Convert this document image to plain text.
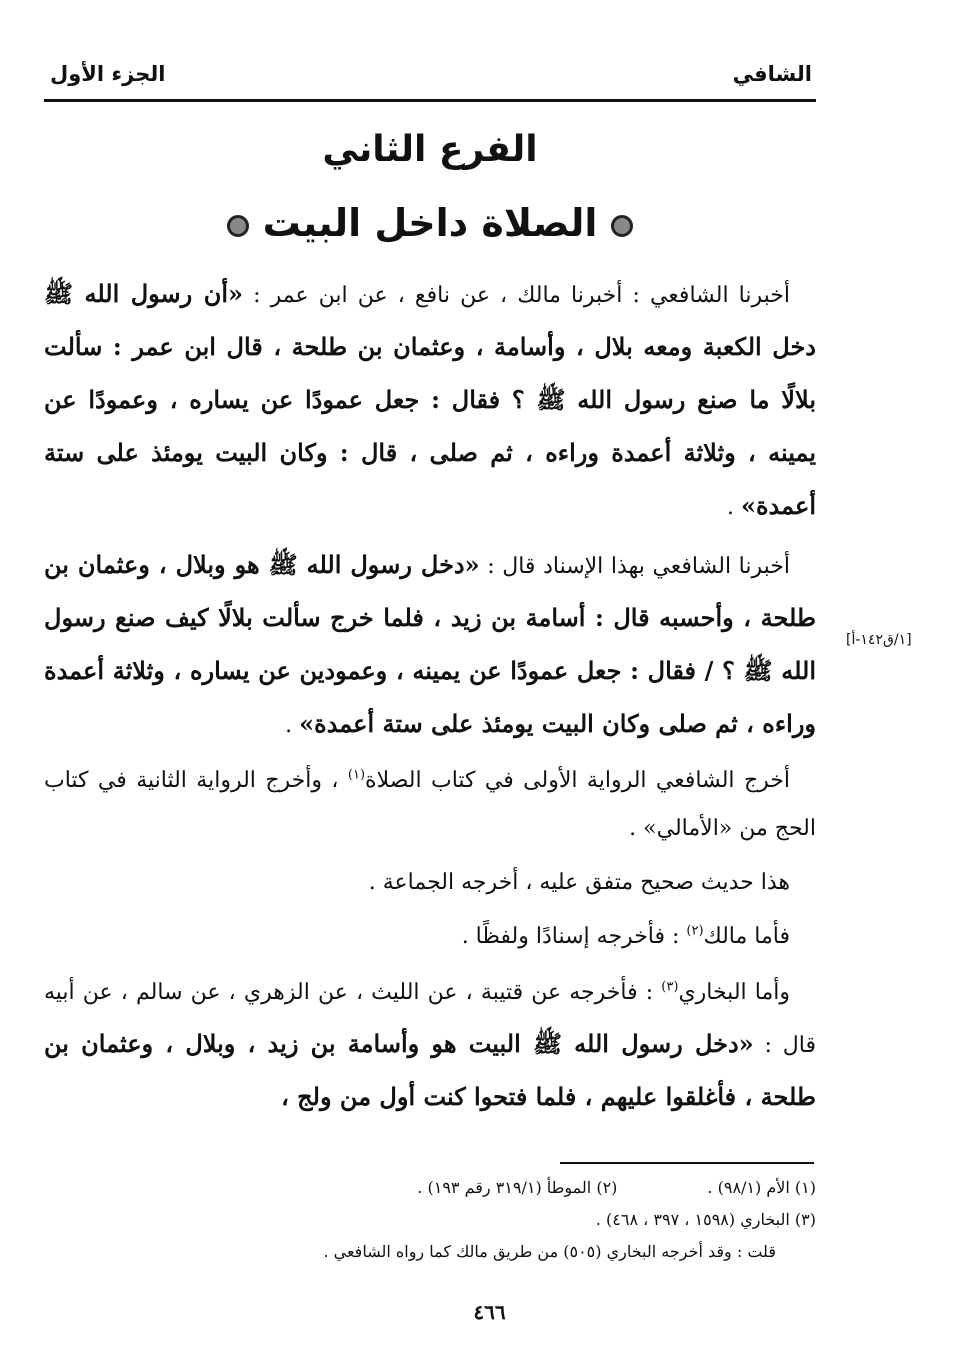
الشافي
الجزء الأول
الفرع الثاني
الصلاة داخل البيت

أخبرنا الشافعي : أخبرنا مالك ، عن نافع ، عن ابن عمر : «أن رسول الله ﷺ دخل الكعبة ومعه بلال ، وأسامة ، وعثمان بن طلحة ، قال ابن عمر : سألت بلالًا ما صنع رسول الله ﷺ ؟ فقال : جعل عمودًا عن يساره ، وعمودًا عن يمينه ، وثلاثة أعمدة وراءه ، ثم صلى ، قال : وكان البيت يومئذ على ستة أعمدة» .

أخبرنا الشافعي بهذا الإسناد قال : «دخل رسول الله ﷺ هو وبلال ، وعثمان بن طلحة ، وأحسبه قال : أسامة بن زيد ، فلما خرج سألت بلالًا كيف صنع رسول الله ﷺ ؟ / فقال : جعل عمودًا عن يمينه ، وعمودين عن يساره ، وثلاثة أعمدة وراءه ، ثم صلى وكان البيت يومئذ على ستة أعمدة» .

أخرج الشافعي الرواية الأولى في كتاب الصلاة$^{(١)}$ ، وأخرج الرواية الثانية في كتاب الحج من «الأمالي» .

هذا حديث صحيح متفق عليه ، أخرجه الجماعة .

فأما مالك$^{(٢)}$ : فأخرجه إسنادًا ولفظًا .

وأما البخاري$^{(٣)}$ : فأخرجه عن قتيبة ، عن الليث ، عن الزهري ، عن سالم ، عن أبيه قال : «دخل رسول الله ﷺ البيت هو وأسامة بن زيد ، وبلال ، وعثمان بن طلحة ، فأغلقوا عليهم ، فلما فتحوا كنت أول من ولج ،

[١/ق١٤٢-أ]
(١) الأم (٩٨/١) .(٢) الموطأ (٣١٩/١ رقم ١٩٣) .
(٣) البخاري (١٥٩٨ ، ٣٩٧ ، ٤٦٨) .
قلت : وقد أخرجه البخاري (٥٠٥) من طريق مالك كما رواه الشافعي .
٤٦٦
